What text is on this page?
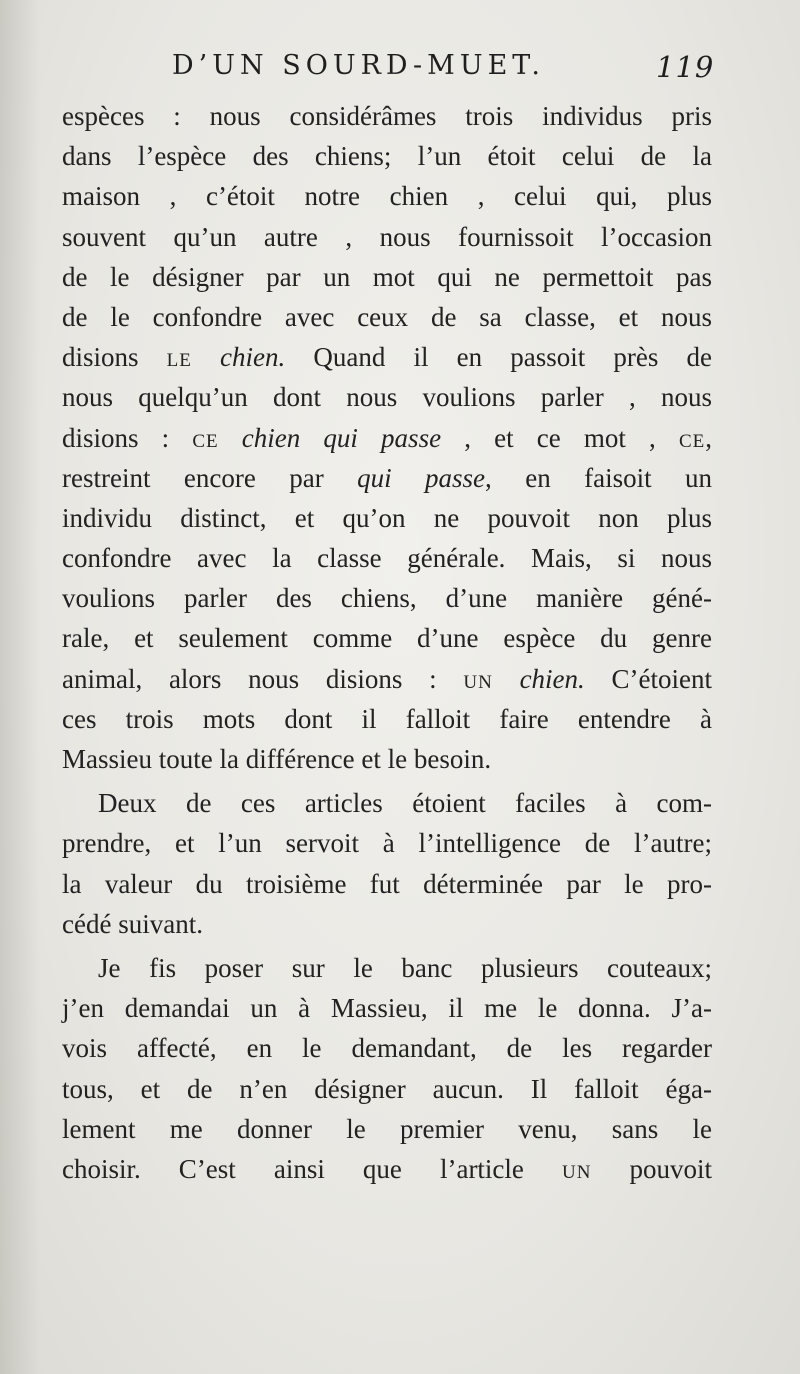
D’UN SOURD-MUET.	119
espèces : nous considérâmes trois individus pris
dans l’espèce des chiens; l’un étoit celui de la
maison , c’étoit notre chien , celui qui, plus
souvent qu’un autre , nous fournissoit l’occasion
de le désigner par un mot qui ne permettoit pas
de le confondre avec ceux de sa classe, et nous
disions le chien. Quand il en passoit près de
nous quelqu’un dont nous voulions parler , nous
disions : ce chien qui passe , et ce mot , ce,
restreint encore par qui passe, en faisoit un
individu distinct, et qu’on ne pouvoit non plus
confondre avec la classe générale. Mais, si nous
voulions parler des chiens, d’une manière géné-
rale, et seulement comme d’une espèce du genre
animal, alors nous disions : un chien. C’étoient
ces trois mots dont il falloit faire entendre à
Massieu toute la différence et le besoin.
Deux de ces articles étoient faciles à com-
prendre, et l’un servoit à l’intelligence de l’autre;
la valeur du troisième fut déterminée par le pro-
cédé suivant.
Je fis poser sur le banc plusieurs couteaux;
j’en demandai un à Massieu, il me le donna. J’a-
vois affecté, en le demandant, de les regarder
tous, et de n’en désigner aucun. Il falloit éga-
lement me donner le premier venu, sans le
choisir. C’est ainsi que l’article un pouvoit
